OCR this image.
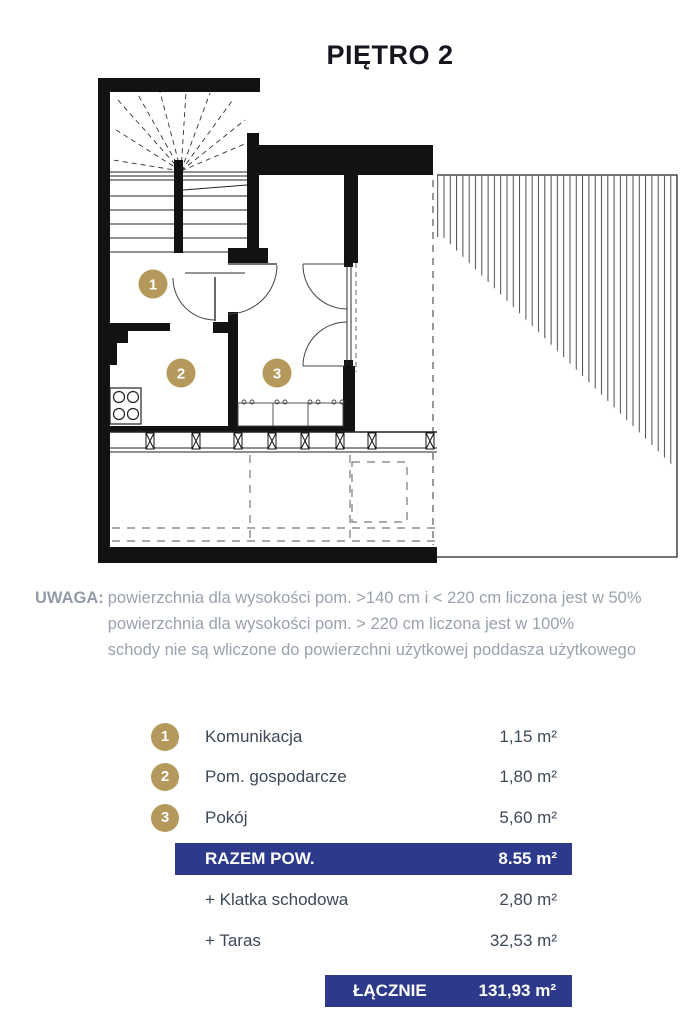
PIĘTRO 2
1
2	3
UWAGA: powierzchnia dla wysokości pom. >140 cm i < 220 cm liczona jest w 50%
powierzchnia dla wysokości pom. > 220 cm liczona jest w 100%
schody nie są wliczone do powierzchni użytkowej poddasza użytkowego
1	Komunikacja	1,15 m²
2	Pom. gospodarcze	1,80 m²
3	Pokój	5,60 m²
RAZEM POW.	8.55 m²
+ Klatka schodowa	2,80 m²
+ Taras	32,53 m²
ŁĄCZNIE	131,93 m²
